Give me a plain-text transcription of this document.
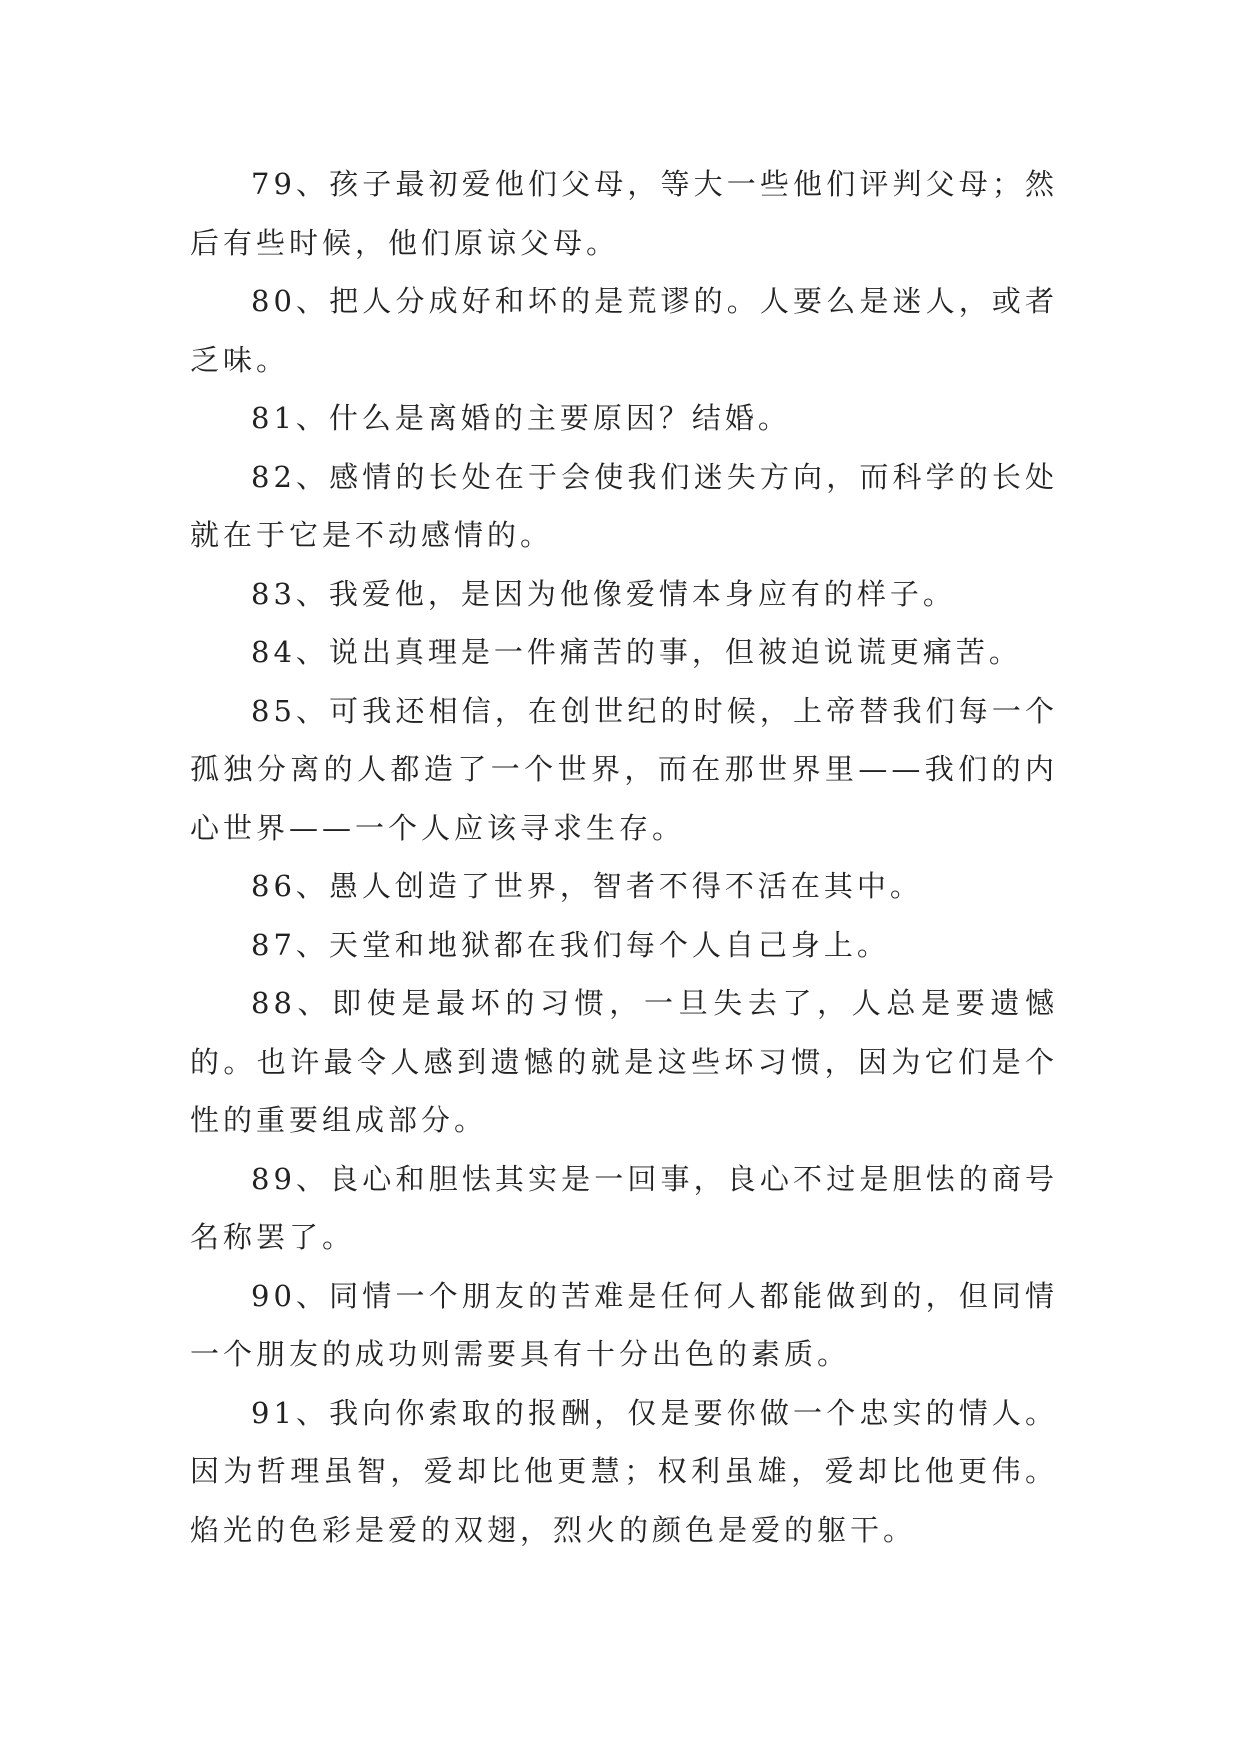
79、孩子最初爱他们父母，等大一些他们评判父母；然后有些时候，他们原谅父母。

80、把人分成好和坏的是荒谬的。人要么是迷人，或者乏味。

81、什么是离婚的主要原因？结婚。

82、感情的长处在于会使我们迷失方向，而科学的长处就在于它是不动感情的。

83、我爱他，是因为他像爱情本身应有的样子。

84、说出真理是一件痛苦的事，但被迫说谎更痛苦。

85、可我还相信，在创世纪的时候，上帝替我们每一个孤独分离的人都造了一个世界，而在那世界里——我们的内心世界——一个人应该寻求生存。

86、愚人创造了世界，智者不得不活在其中。

87、天堂和地狱都在我们每个人自己身上。

88、即使是最坏的习惯，一旦失去了，人总是要遗憾的。也许最令人感到遗憾的就是这些坏习惯，因为它们是个性的重要组成部分。

89、良心和胆怯其实是一回事，良心不过是胆怯的商号名称罢了。

90、同情一个朋友的苦难是任何人都能做到的，但同情一个朋友的成功则需要具有十分出色的素质。

91、我向你索取的报酬，仅是要你做一个忠实的情人。因为哲理虽智，爱却比他更慧；权利虽雄，爱却比他更伟。焰光的色彩是爱的双翅，烈火的颜色是爱的躯干。
